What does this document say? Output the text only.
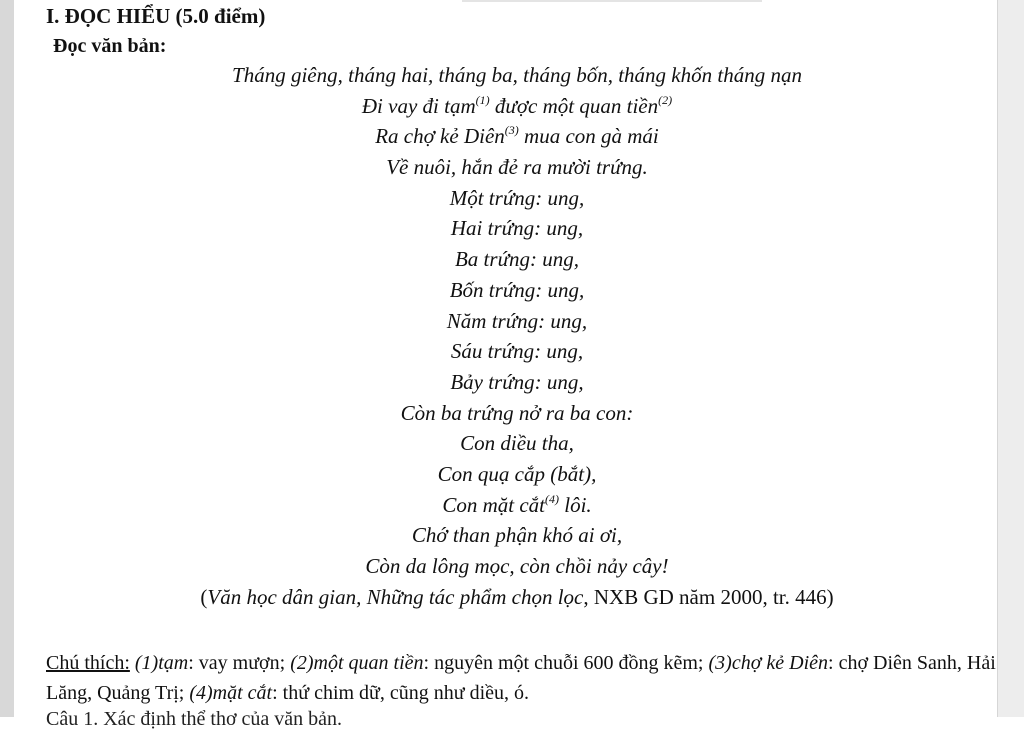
I. ĐỌC HIỂU (5.0 điểm)
Đọc văn bản:
Tháng giêng, tháng hai, tháng ba, tháng bốn, tháng khốn tháng nạn
Đi vay đi tạm$^{(1)}$ được một quan tiền$^{(2)}$
Ra chợ kẻ Diên$^{(3)}$ mua con gà mái
Về nuôi, hắn đẻ ra mười trứng.
Một trứng: ung,
Hai trứng: ung,
Ba trứng: ung,
Bốn trứng: ung,
Năm trứng: ung,
Sáu trứng: ung,
Bảy trứng: ung,
Còn ba trứng nở ra ba con:
Con diều tha,
Con quạ cắp (bắt),
Con mặt cắt$^{(4)}$ lôi.
Chớ than phận khó ai ơi,
Còn da lông mọc, còn chồi nảy cây!
(Văn học dân gian, Những tác phẩm chọn lọc, NXB GD năm 2000, tr. 446)
Chú thích: (1)tạm: vay mượn; (2)một quan tiền: nguyên một chuỗi 600 đồng kẽm; (3)chợ kẻ Diên: chợ Diên Sanh, Hải Lăng, Quảng Trị; (4)mặt cắt: thứ chim dữ, cũng như diều, ó.
Câu 1. Xác định thể thơ của văn bản.
